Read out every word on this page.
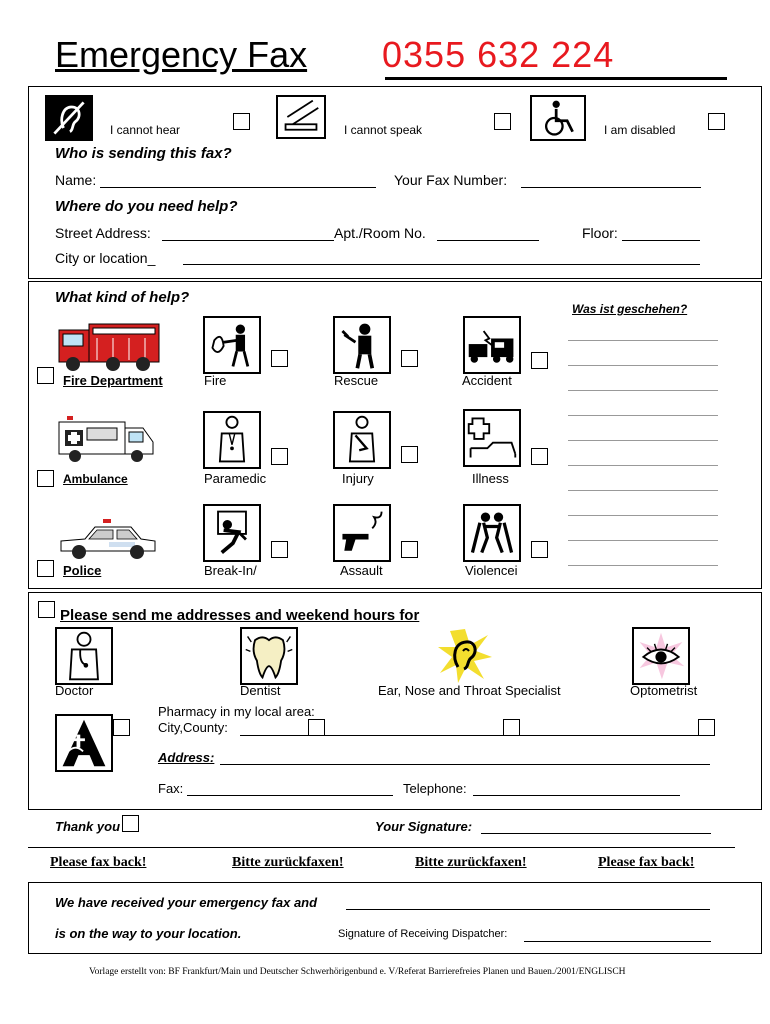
Emergency Fax 0355 632 224
I cannot hear	I cannot speak	I am disabled
Who is sending this fax?
Name:	Your Fax Number:
Where do you need help?
Street Address:	Apt./Room No.	Floor:
City or location_
What kind of help?
Was ist geschehen?
Fire Department	Fire	Rescue	Accident
Ambulance	Paramedic	Injury	Illness
Police	Break-In/	Assault	Violencei
Please send me addresses and weekend hours for
Doctor	Dentist	Ear, Nose and Throat Specialist	Optometrist
Pharmacy in my local area:
City,County:
Address:
Fax:	Telephone:
Thank you	Your Signature:
Please fax back!	Bitte zurückfaxen!	Bitte zurückfaxen!	Please fax back!
We have received your emergency fax and
is on the way to your location.	Signature of Receiving Dispatcher:
Vorlage erstellt von: BF Frankfurt/Main und Deutscher Schwerhörigenbund e. V/Referat Barrierefreies Planen und Bauen./2001/ENGLISCH
